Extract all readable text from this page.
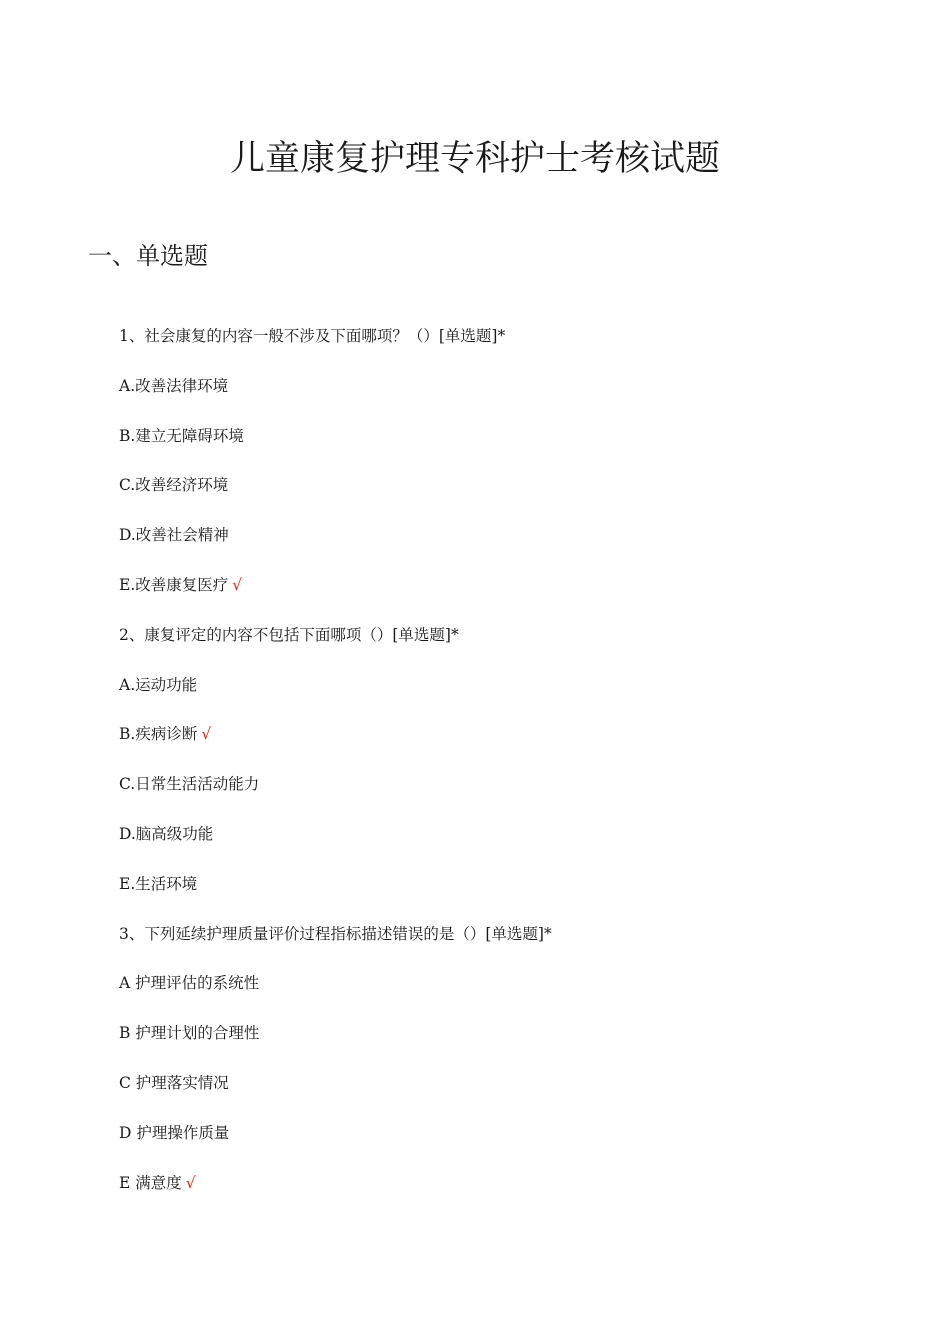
儿童康复护理专科护士考核试题
一、单选题
1、社会康复的内容一般不涉及下面哪项？（）[单选题]*
A.改善法律环境
B.建立无障碍环境
C.改善经济环境
D.改善社会精神
E.改善康复医疗 √
2、康复评定的内容不包括下面哪项（）[单选题]*
A.运动功能
B.疾病诊断 √
C.日常生活活动能力
D.脑高级功能
E.生活环境
3、下列延续护理质量评价过程指标描述错误的是（）[单选题]*
A 护理评估的系统性
B 护理计划的合理性
C 护理落实情况
D 护理操作质量
E 满意度 √
